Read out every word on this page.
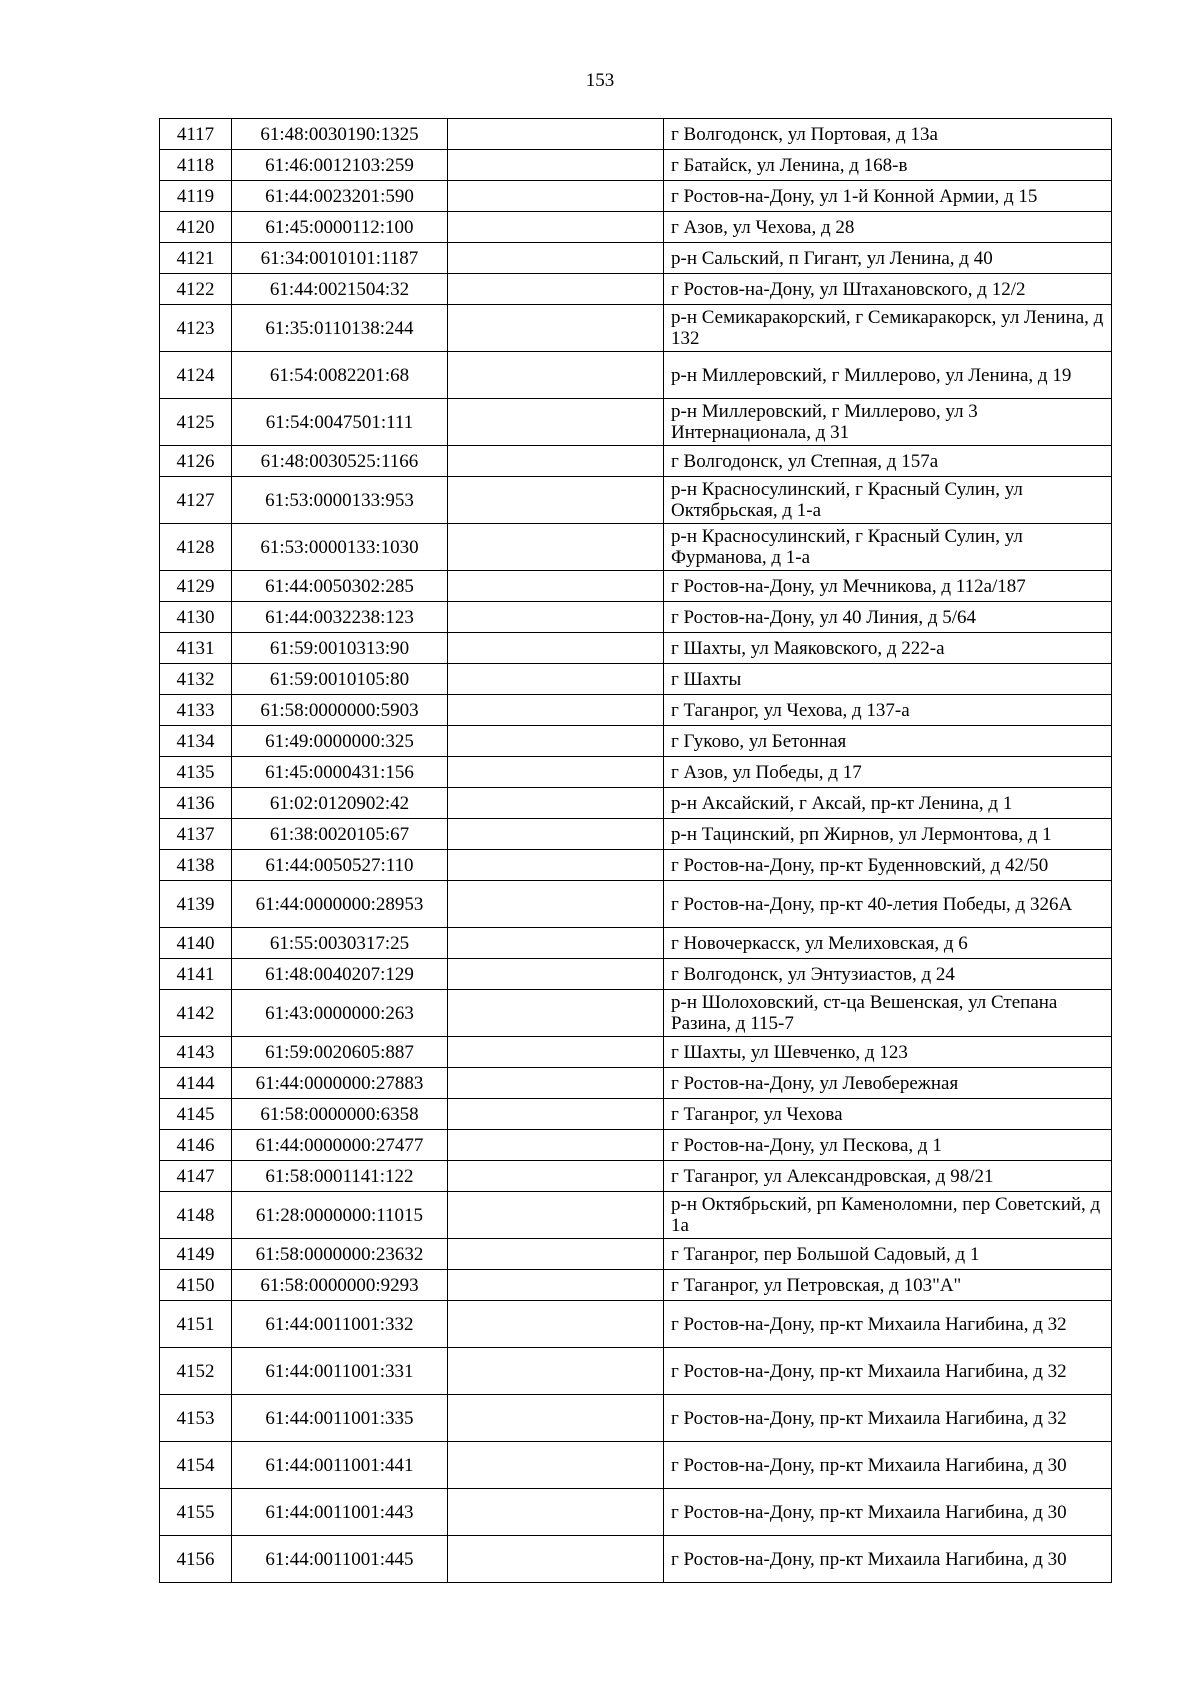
153
4117	61:48:0030190:1325		г Волгодонск, ул Портовая, д 13а
4118	61:46:0012103:259		г Батайск, ул Ленина, д 168-в
4119	61:44:0023201:590		г Ростов-на-Дону, ул 1-й Конной Армии, д 15
4120	61:45:0000112:100		г Азов, ул Чехова, д 28
4121	61:34:0010101:1187		р-н Сальский, п Гигант, ул Ленина, д 40
4122	61:44:0021504:32		г Ростов-на-Дону, ул Штахановского, д 12/2
4123	61:35:0110138:244		р-н Семикаракорский, г Семикаракорск, ул Ленина, д 132
4124	61:54:0082201:68		р-н Миллеровский, г Миллерово, ул Ленина, д 19
4125	61:54:0047501:111		р-н Миллеровский, г Миллерово, ул 3 Интернационала, д 31
4126	61:48:0030525:1166		г Волгодонск, ул Степная, д 157а
4127	61:53:0000133:953		р-н Красносулинский, г Красный Сулин, ул Октябрьская, д 1-а
4128	61:53:0000133:1030		р-н Красносулинский, г Красный Сулин, ул Фурманова, д 1-а
4129	61:44:0050302:285		г Ростов-на-Дону, ул Мечникова, д 112а/187
4130	61:44:0032238:123		г Ростов-на-Дону, ул 40 Линия, д 5/64
4131	61:59:0010313:90		г Шахты, ул Маяковского, д 222-а
4132	61:59:0010105:80		г Шахты
4133	61:58:0000000:5903		г Таганрог, ул Чехова, д 137-а
4134	61:49:0000000:325		г Гуково, ул Бетонная
4135	61:45:0000431:156		г Азов, ул Победы, д 17
4136	61:02:0120902:42		р-н Аксайский, г Аксай, пр-кт Ленина, д 1
4137	61:38:0020105:67		р-н Тацинский, рп Жирнов, ул Лермонтова, д 1
4138	61:44:0050527:110		г Ростов-на-Дону, пр-кт Буденновский, д 42/50
4139	61:44:0000000:28953		г Ростов-на-Дону, пр-кт 40-летия Победы, д 326А
4140	61:55:0030317:25		г Новочеркасск, ул Мелиховская, д 6
4141	61:48:0040207:129		г Волгодонск, ул Энтузиастов, д 24
4142	61:43:0000000:263		р-н Шолоховский, ст-ца Вешенская, ул Степана Разина, д 115-7
4143	61:59:0020605:887		г Шахты, ул Шевченко, д 123
4144	61:44:0000000:27883		г Ростов-на-Дону, ул Левобережная
4145	61:58:0000000:6358		г Таганрог, ул Чехова
4146	61:44:0000000:27477		г Ростов-на-Дону, ул Пескова, д 1
4147	61:58:0001141:122		г Таганрог, ул Александровская, д 98/21
4148	61:28:0000000:11015		р-н Октябрьский, рп Каменоломни, пер Советский, д 1а
4149	61:58:0000000:23632		г Таганрог, пер Большой Садовый, д 1
4150	61:58:0000000:9293		г Таганрог, ул Петровская, д 103"А"
4151	61:44:0011001:332		г Ростов-на-Дону, пр-кт Михаила Нагибина, д 32
4152	61:44:0011001:331		г Ростов-на-Дону, пр-кт Михаила Нагибина, д 32
4153	61:44:0011001:335		г Ростов-на-Дону, пр-кт Михаила Нагибина, д 32
4154	61:44:0011001:441		г Ростов-на-Дону, пр-кт Михаила Нагибина, д 30
4155	61:44:0011001:443		г Ростов-на-Дону, пр-кт Михаила Нагибина, д 30
4156	61:44:0011001:445		г Ростов-на-Дону, пр-кт Михаила Нагибина, д 30
